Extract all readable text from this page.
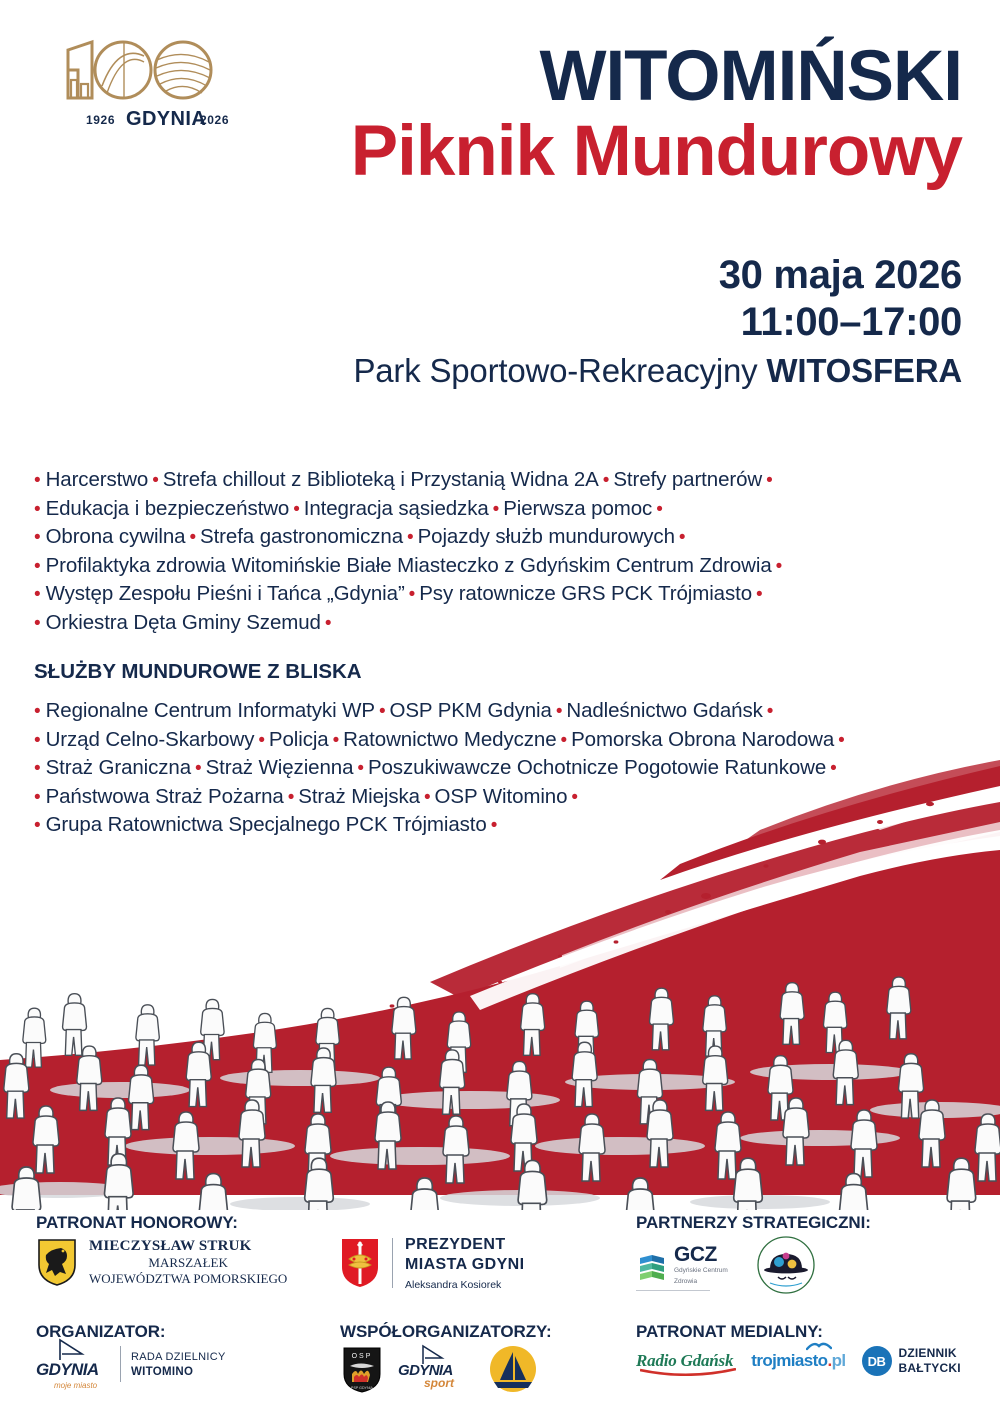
1926 GDYNIA
2026
WITOMIŃSKI
Piknik Mundurowy
30 maja 2026
11:00–17:00
Park Sportowo-Rekreacyjny WITOSFERA
• Harcerstwo • Strefa chillout z Biblioteką i Przystanią Widna 2A • Strefy partnerów •
• Edukacja i bezpieczeństwo • Integracja sąsiedzka • Pierwsza pomoc •
• Obrona cywilna • Strefa gastronomiczna • Pojazdy służb mundurowych •
• Profilaktyka zdrowia Witomińskie Białe Miasteczko z Gdyńskim Centrum Zdrowia •
• Występ Zespołu Pieśni i Tańca „Gdynia” • Psy ratownicze GRS PCK Trójmiasto •
• Orkiestra Dęta Gminy Szemud •
SŁUŻBY MUNDUROWE Z BLISKA
• Regionalne Centrum Informatyki WP • OSP PKM Gdynia • Nadleśnictwo Gdańsk •
• Urząd Celno-Skarbowy • Policja • Ratownictwo Medyczne • Pomorska Obrona Narodowa •
• Straż Graniczna • Straż Więzienna • Poszukiwawcze Ochotnicze Pogotowie Ratunkowe •
• Państwowa Straż Pożarna • Straż Miejska • OSP Witomino •
• Grupa Ratownictwa Specjalnego PCK Trójmiasto •
PATRONAT HONOROWY:	PARTNERZY STRATEGICZNI:
ORGANIZATOR:	WSPÓŁORGANIZATORZY:	PATRONAT MEDIALNY:
MIECZYSŁAW STRUK
MARSZAŁEK
WOJEWÓDZTWA POMORSKIEGO
PREZYDENT
MIASTA GDYNI
Aleksandra Kosiorek
GCZ
Gdyńskie Centrum
Zdrowia
GDYNIA
moje miasto
RADA DZIELNICY
WITOMINO
OSP
PSP GDYNIA
GDYNIA
sport
Radio Gdańsk trojmiasto.pl	DB
DZIENNIK
BAŁTYCKI
